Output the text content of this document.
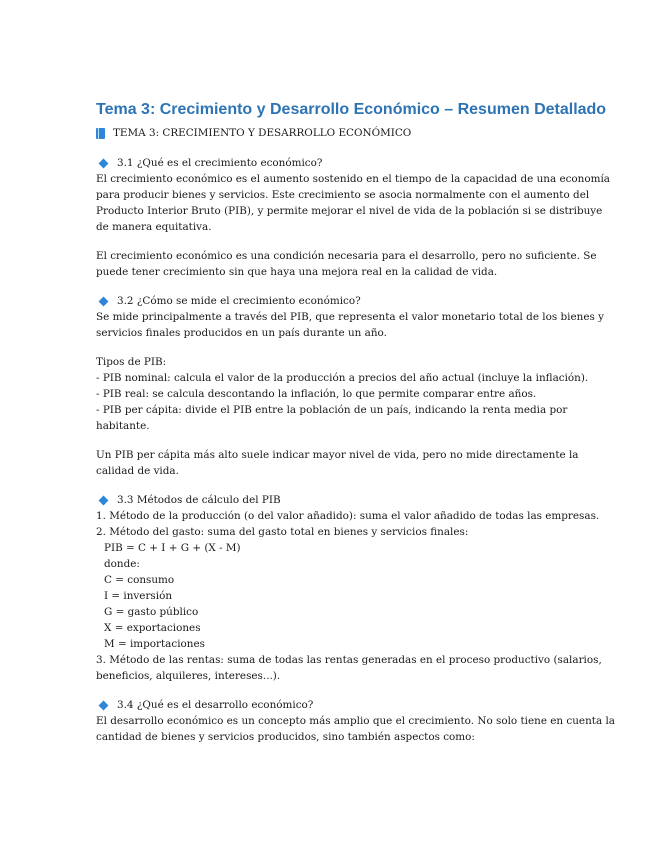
Tema 3: Crecimiento y Desarrollo Económico – Resumen Detallado
TEMA 3: CRECIMIENTO Y DESARROLLO ECONÓMICO
3.1 ¿Qué es el crecimiento económico?

El crecimiento económico es el aumento sostenido en el tiempo de la capacidad de una economía para producir bienes y servicios. Este crecimiento se asocia normalmente con el aumento del Producto Interior Bruto (PIB), y permite mejorar el nivel de vida de la población si se distribuye de manera equitativa.

El crecimiento económico es una condición necesaria para el desarrollo, pero no suficiente. Se puede tener crecimiento sin que haya una mejora real en la calidad de vida.

3.2 ¿Cómo se mide el crecimiento económico?

Se mide principalmente a través del PIB, que representa el valor monetario total de los bienes y servicios finales producidos en un país durante un año.

Tipos de PIB:

- PIB nominal: calcula el valor de la producción a precios del año actual (incluye la inflación).

- PIB real: se calcula descontando la inflación, lo que permite comparar entre años.

- PIB per cápita: divide el PIB entre la población de un país, indicando la renta media por habitante.

Un PIB per cápita más alto suele indicar mayor nivel de vida, pero no mide directamente la calidad de vida.

3.3 Métodos de cálculo del PIB

1. Método de la producción (o del valor añadido): suma el valor añadido de todas las empresas.

2. Método del gasto: suma del gasto total en bienes y servicios finales:

PIB = C + I + G + (X - M)

donde:

C = consumo

I = inversión

G = gasto público

X = exportaciones

M = importaciones

3. Método de las rentas: suma de todas las rentas generadas en el proceso productivo (salarios, beneficios, alquileres, intereses...).

3.4 ¿Qué es el desarrollo económico?

El desarrollo económico es un concepto más amplio que el crecimiento. No solo tiene en cuenta la cantidad de bienes y servicios producidos, sino también aspectos como:
